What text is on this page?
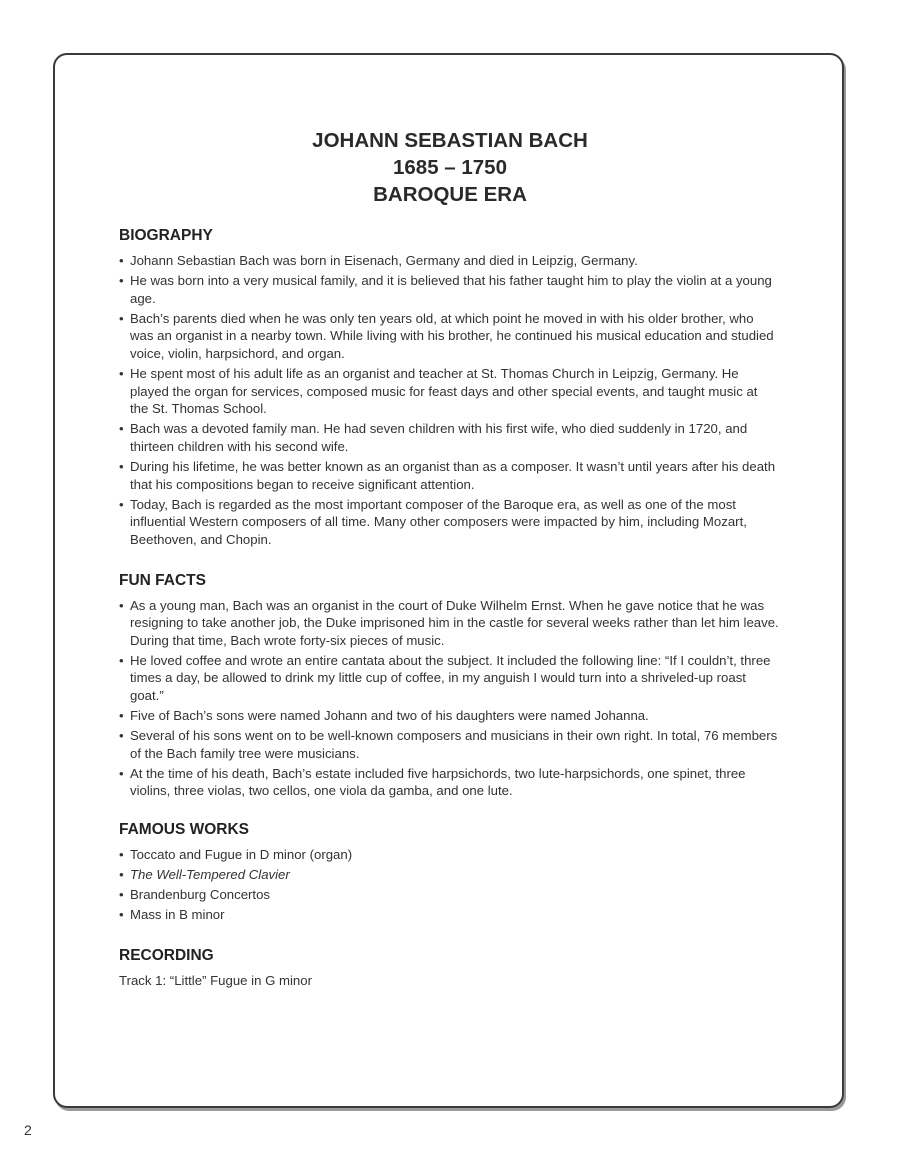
JOHANN SEBASTIAN BACH
1685 – 1750
BAROQUE ERA
BIOGRAPHY
• Johann Sebastian Bach was born in Eisenach, Germany and died in Leipzig, Germany.
• He was born into a very musical family, and it is believed that his father taught him to play the violin at a young age.
• Bach’s parents died when he was only ten years old, at which point he moved in with his older brother, who was an organist in a nearby town. While living with his brother, he continued his musical education and studied voice, violin, harpsichord, and organ.
• He spent most of his adult life as an organist and teacher at St. Thomas Church in Leipzig, Germany. He played the organ for services, composed music for feast days and other special events, and taught music at the St. Thomas School.
• Bach was a devoted family man. He had seven children with his first wife, who died suddenly in 1720, and thirteen children with his second wife.
• During his lifetime, he was better known as an organist than as a composer. It wasn’t until years after his death that his compositions began to receive significant attention.
• Today, Bach is regarded as the most important composer of the Baroque era, as well as one of the most influential Western composers of all time. Many other composers were impacted by him, including Mozart, Beethoven, and Chopin.
FUN FACTS
• As a young man, Bach was an organist in the court of Duke Wilhelm Ernst. When he gave notice that he was resigning to take another job, the Duke imprisoned him in the castle for several weeks rather than let him leave. During that time, Bach wrote forty-six pieces of music.
• He loved coffee and wrote an entire cantata about the subject. It included the following line: “If I couldn’t, three times a day, be allowed to drink my little cup of coffee, in my anguish I would turn into a shriveled-up roast goat.”
• Five of Bach’s sons were named Johann and two of his daughters were named Johanna.
• Several of his sons went on to be well-known composers and musicians in their own right. In total, 76 members of the Bach family tree were musicians.
• At the time of his death, Bach’s estate included five harpsichords, two lute-harpsichords, one spinet, three violins, three violas, two cellos, one viola da gamba, and one lute.
FAMOUS WORKS
• Toccato and Fugue in D minor (organ)
• The Well-Tempered Clavier
• Brandenburg Concertos
• Mass in B minor
RECORDING
Track 1: “Little” Fugue in G minor
2
